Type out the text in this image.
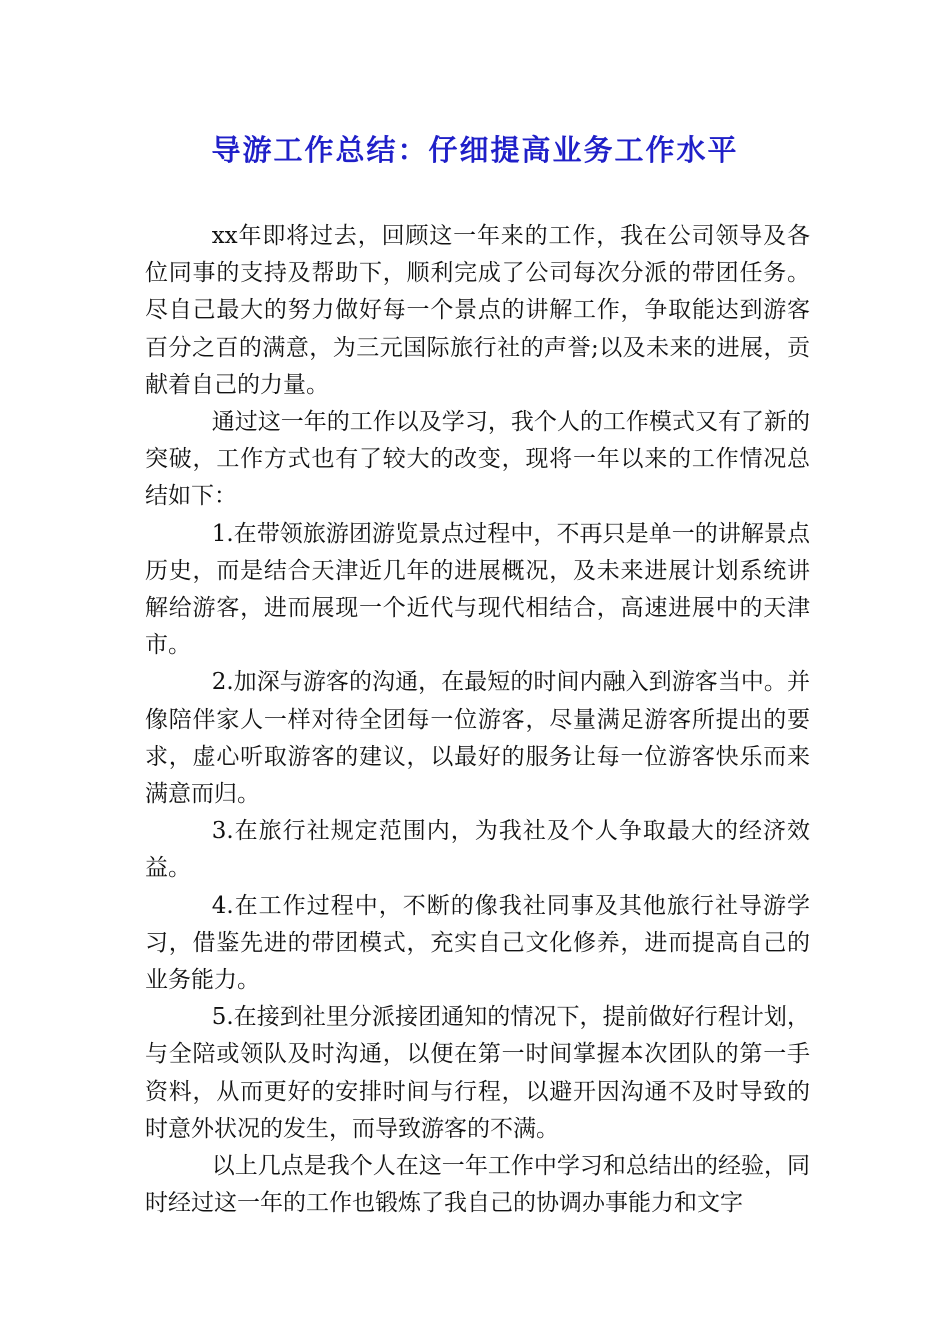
导游工作总结：仔细提高业务工作水平

xx年即将过去，回顾这一年来的工作，我在公司领导及各位同事的支持及帮助下，顺利完成了公司每次分派的带团任务。尽自己最大的努力做好每一个景点的讲解工作，争取能达到游客百分之百的满意，为三元国际旅行社的声誉;以及未来的进展，贡献着自己的力量。

通过这一年的工作以及学习，我个人的工作模式又有了新的突破，工作方式也有了较大的改变，现将一年以来的工作情况总结如下：

1.在带领旅游团游览景点过程中，不再只是单一的讲解景点历史，而是结合天津近几年的进展概况，及未来进展计划系统讲解给游客，进而展现一个近代与现代相结合，高速进展中的天津市。

2.加深与游客的沟通，在最短的时间内融入到游客当中。并像陪伴家人一样对待全团每一位游客，尽量满足游客所提出的要求，虚心听取游客的建议，以最好的服务让每一位游客快乐而来满意而归。

3.在旅行社规定范围内，为我社及个人争取最大的经济效益。

4.在工作过程中，不断的像我社同事及其他旅行社导游学习，借鉴先进的带团模式，充实自己文化修养，进而提高自己的业务能力。

5.在接到社里分派接团通知的情况下，提前做好行程计划，与全陪或领队及时沟通，以便在第一时间掌握本次团队的第一手资料，从而更好的安排时间与行程，以避开因沟通不及时导致的时意外状况的发生，而导致游客的不满。

以上几点是我个人在这一年工作中学习和总结出的经验，同时经过这一年的工作也锻炼了我自己的协调办事能力和文字
